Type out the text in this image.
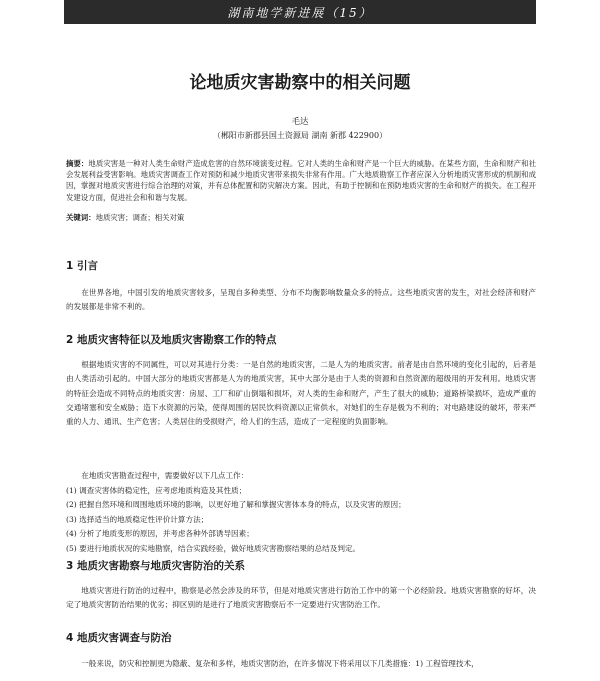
湖南地学新进展（15）
论地质灾害勘察中的相关问题
毛达
（郴阳市新郡县国土资源局 湖南 新郡 422900）
摘要：地质灾害是一种对人类生命财产造成危害的自然环境演变过程。它对人类的生命和财产是一个巨大的威胁。在某些方面，生命和财产和社会发展利益受害影响。地质灾害调查工作对预防和减少地质灾害带来损失非常有作用。广大地质勘察工作者应深入分析地质灾害形成的机制和成因，掌握对地质灾害进行综合治理的对策，并有总体配置和防灾解决方案。因此，有助于控制和在预防地质灾害的生命和财产的损失。在工程开发建设方面，促进社会和和谐与发展。
关键词：地质灾害；调查；相关对策
1 引言

在世界各地，中国引发的地质灾害较多，呈现自多种类型、分布不均衡影响数量众多的特点。这些地质灾害的发生，对社会经济和财产的发展都是非常不利的。

2 地质灾害特征以及地质灾害勘察工作的特点

根据地质灾害的不同属性，可以对其进行分类：一是自然的地质灾害，二是人为的地质灾害。前者是由自然环境的变化引起的，后者是由人类活动引起的。中国大部分的地质灾害都是人为的地质灾害，其中大部分是由于人类的资源和自然资源的超级用的开发利用。地质灾害的特征会造成不同特点的地质灾害：房屋、工厂和矿山倒塌和损坏，对人类的生命和财产，产生了很大的威胁；道路桥梁损坏，造成严重的交通堵塞和安全威胁；造下水资源的污染，使得周围的居民饮料资源以正常供水，对她们的生存是极为不利的；对电路建设的破坏，带来严重的人力、通讯、生产危害；人类居住的受损财产，给人们的生活，造成了一定程度的负面影响。

在地质灾害勘查过程中，需要做好以下几点工作：

(1) 调查灾害体的稳定性，应考虑地质构造及其性质；
(2) 把握自然环境和周围地质环境的影响，以更好地了解和掌握灾害体本身的特点，以及灾害的原因；
(3) 选择适当的地质稳定性评价计算方法；
(4) 分析了地质变形的原因，并考虑各种外部诱导因素；
(5) 要进行地质状况的实地勘察，结合实践经验，做好地质灾害勘察结果的总结及判定。
3 地质灾害勘察与地质灾害防治的关系

地质灾害进行防治的过程中，勘察是必然会涉及的环节，但是对地质灾害进行防治工作中的第一个必经阶段。地质灾害勘察的好坏，决定了地质灾害防治结果的优劣；抑区别的是进行了地质灾害勘察后不一定要进行灾害防治工作。

4 地质灾害调查与防治

一般来说，防灾和控制更为隐蔽、复杂和多样，地质灾害防治，在许多情况下将采用以下几类措施：1) 工程管理技术，
